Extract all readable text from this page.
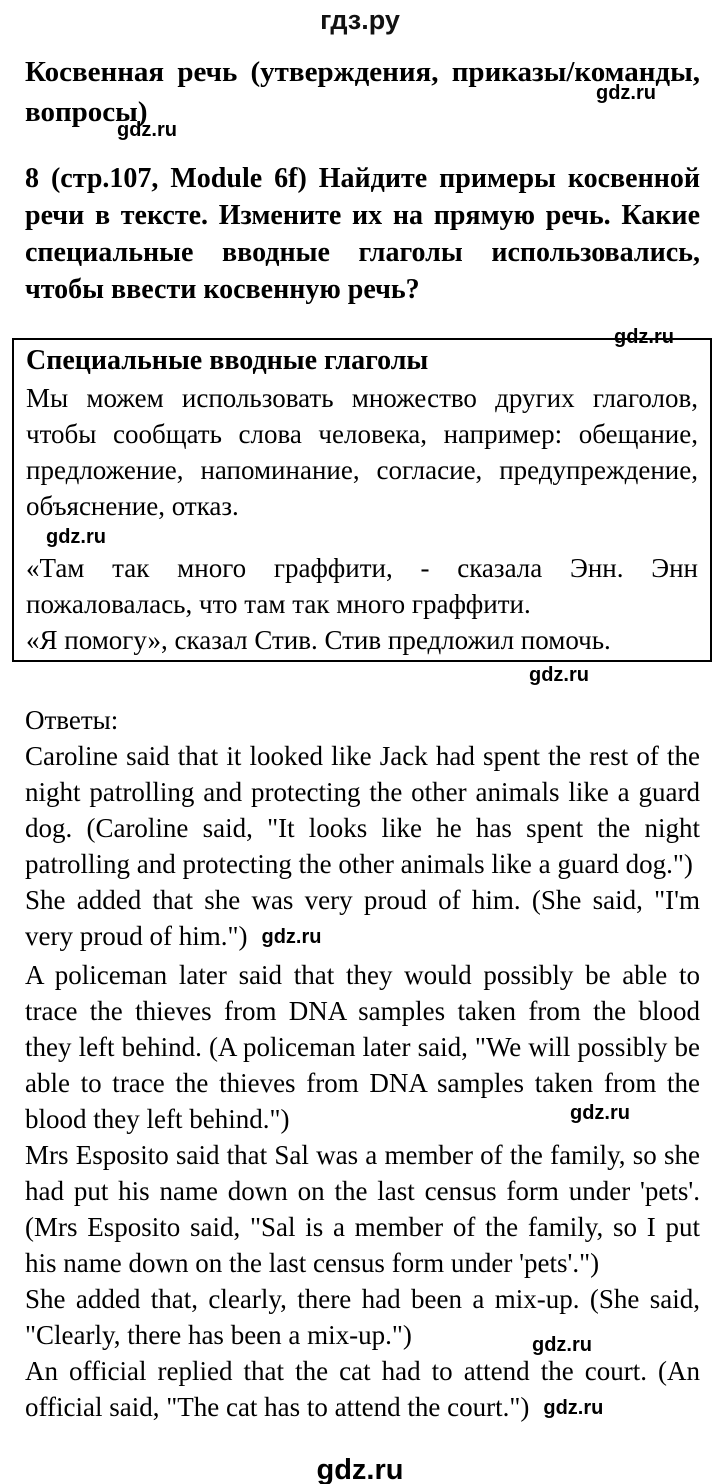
гдз.ру
gdz.ru
gdz.ru
gdz.ru
Косвенная речь (утверждения, приказы/команды, вопросы)

8 (стр.107, Module 6f) Найдите примеры косвенной речи в тексте. Измените их на прямую речь. Какие специальные вводные глаголы использовались, чтобы ввести косвенную речь?

gdz.ru
Специальные вводные глаголы

Мы можем использовать множество других глаголов, чтобы сообщать слова человека, например: обещание, предложение, напоминание, согласие, предупреждение, объяснение, отказ.

gdz.ru

«Там так много граффити, - сказала Энн. Энн пожаловалась, что там так много граффити.

«Я помогу», сказал Стив. Стив предложил помочь.

Ответы:

Caroline said that it looked like Jack had spent the rest of the night patrolling and protecting the other animals like a guard dog. (Caroline said, "It looks like he has spent the night patrolling and protecting the other animals like a guard dog.")

She added that she was very proud of him. (She said, "I'm very proud of him.") gdz.ru

A policeman later said that they would possibly be able to trace the thieves from DNA samples taken from the blood they left behind. (A policeman later said, "We will possibly be able to trace the thieves from DNA samples taken from the blood they left behind.")	gdz.ru

Mrs Esposito said that Sal was a member of the family, so she had put his name down on the last census form under 'pets'. (Mrs Esposito said, "Sal is a member of the family, so I put his name down on the last census form under 'pets'.")

She added that, clearly, there had been a mix-up. (She said, "Clearly, there has been a mix-up.")	gdz.ru

An official replied that the cat had to attend the court. (An official said, "The cat has to attend the court.") gdz.ru

gdz.ru
